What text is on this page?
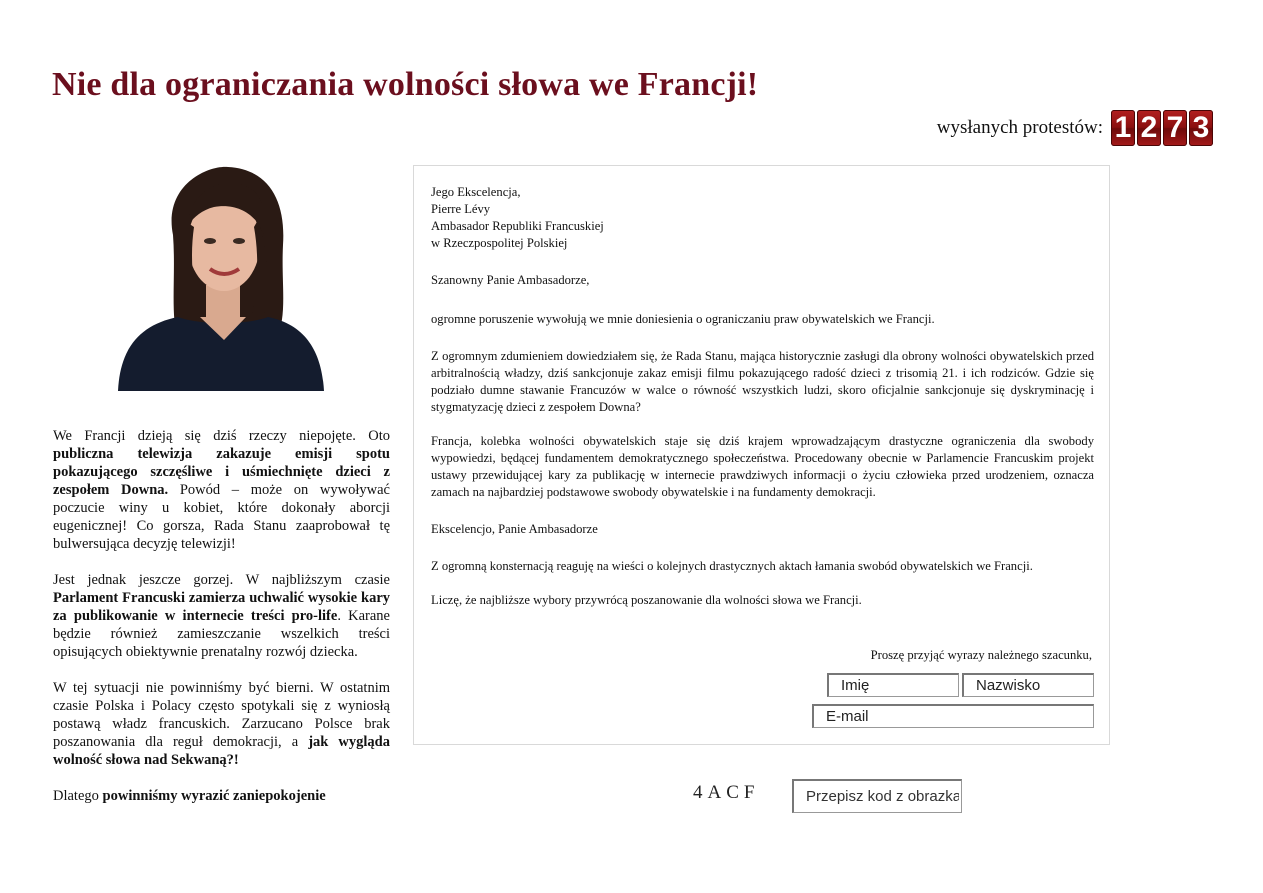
Nie dla ograniczania wolności słowa we Francji!
wysłanych protestów: 1 2 7 3

We Francji dzieją się dziś rzeczy niepojęte. Oto publiczna telewizja zakazuje emisji spotu pokazującego szczęśliwe i uśmiechnięte dzieci z zespołem Downa. Powód – może on wywoływać poczucie winy u kobiet, które dokonały aborcji eugenicznej! Co gorsza, Rada Stanu zaaprobował tę bulwersująca decyzję telewizji!

Jest jednak jeszcze gorzej. W najbliższym czasie Parlament Francuski zamierza uchwalić wysokie kary za publikowanie w internecie treści pro-life. Karane będzie również zamieszczanie wszelkich treści opisujących obiektywnie prenatalny rozwój dziecka.

W tej sytuacji nie powinniśmy być bierni. W ostatnim czasie Polska i Polacy często spotykali się z wyniosłą postawą władz francuskich. Zarzucano Polsce brak poszanowania dla reguł demokracji, a jak wygląda wolność słowa nad Sekwaną?!

Dlatego powinniśmy wyrazić zaniepokojenie

Jego Ekscelencja,

Pierre Lévy

Ambasador Republiki Francuskiej

w Rzeczpospolitej Polskiej

Szanowny Panie Ambasadorze,

ogromne poruszenie wywołują we mnie doniesienia o ograniczaniu praw obywatelskich we Francji.

Z ogromnym zdumieniem dowiedziałem się, że Rada Stanu, mająca historycznie zasługi dla obrony wolności obywatelskich przed arbitralnością władzy, dziś sankcjonuje zakaz emisji filmu pokazującego radość dzieci z trisomią 21. i ich rodziców. Gdzie się podziało dumne stawanie Francuzów w walce o równość wszystkich ludzi, skoro oficjalnie sankcjonuje się dyskryminację i stygmatyzację dzieci z zespołem Downa?

Francja, kolebka wolności obywatelskich staje się dziś krajem wprowadzającym drastyczne ograniczenia dla swobody wypowiedzi, będącej fundamentem demokratycznego społeczeństwa. Procedowany obecnie w Parlamencie Francuskim projekt ustawy przewidującej kary za publikację w internecie prawdziwych informacji o życiu człowieka przed urodzeniem, oznacza zamach na najbardziej podstawowe swobody obywatelskie i na fundamenty demokracji.

Ekscelencjo, Panie Ambasadorze

Z ogromną konsternacją reaguję na wieści o kolejnych drastycznych aktach łamania swobód obywatelskich we Francji.

Liczę, że najbliższe wybory przywrócą poszanowanie dla wolności słowa we Francji.

Proszę przyjąć wyrazy należnego szacunku,
Imię
Nazwisko
E-mail
4ACF
Przepisz kod z obrazka
